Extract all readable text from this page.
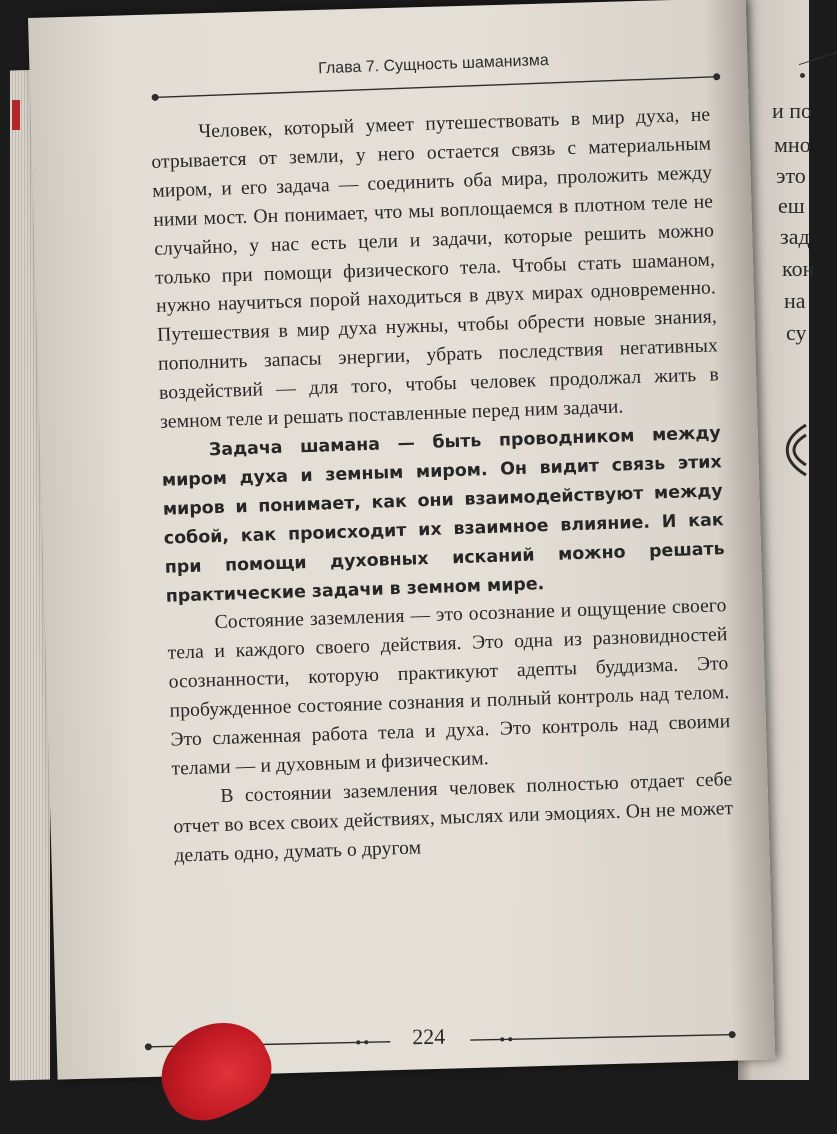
и по
мно
это
еш
зад
кон
на
су
Глава 7. Сущность шаманизма

Человек, который умеет путешествовать в мир духа, не отрывается от земли, у него остается связь с материальным миром, и его задача — соединить оба мира, проложить между ними мост. Он понимает, что мы воплощаемся в плотном теле не случайно, у нас есть цели и задачи, которые решить можно только при помощи физического тела. Чтобы стать шаманом, нужно научиться порой находиться в двух мирах одновременно. Путешествия в мир духа нужны, чтобы обрести новые знания, пополнить запасы энергии, убрать последствия негативных воздействий — для того, чтобы человек продолжал жить в земном теле и решать поставленные перед ним задачи.

Задача шамана — быть проводником между миром духа и земным миром. Он видит связь этих миров и понимает, как они взаимодействуют между собой, как происходит их взаимное влияние. И как при помощи духовных исканий можно решать практические задачи в земном мире.

Состояние заземления — это осознание и ощущение своего тела и каждого своего действия. Это одна из разновидностей осознанности, которую практикуют адепты буддизма. Это пробужденное состояние сознания и полный контроль над телом. Это слаженная работа тела и духа. Это контроль над своими телами — и духовным и физическим.

В состоянии заземления человек полностью отдает себе отчет во всех своих действиях, мыслях или эмоциях. Он не может делать одно, думать о другом

224
